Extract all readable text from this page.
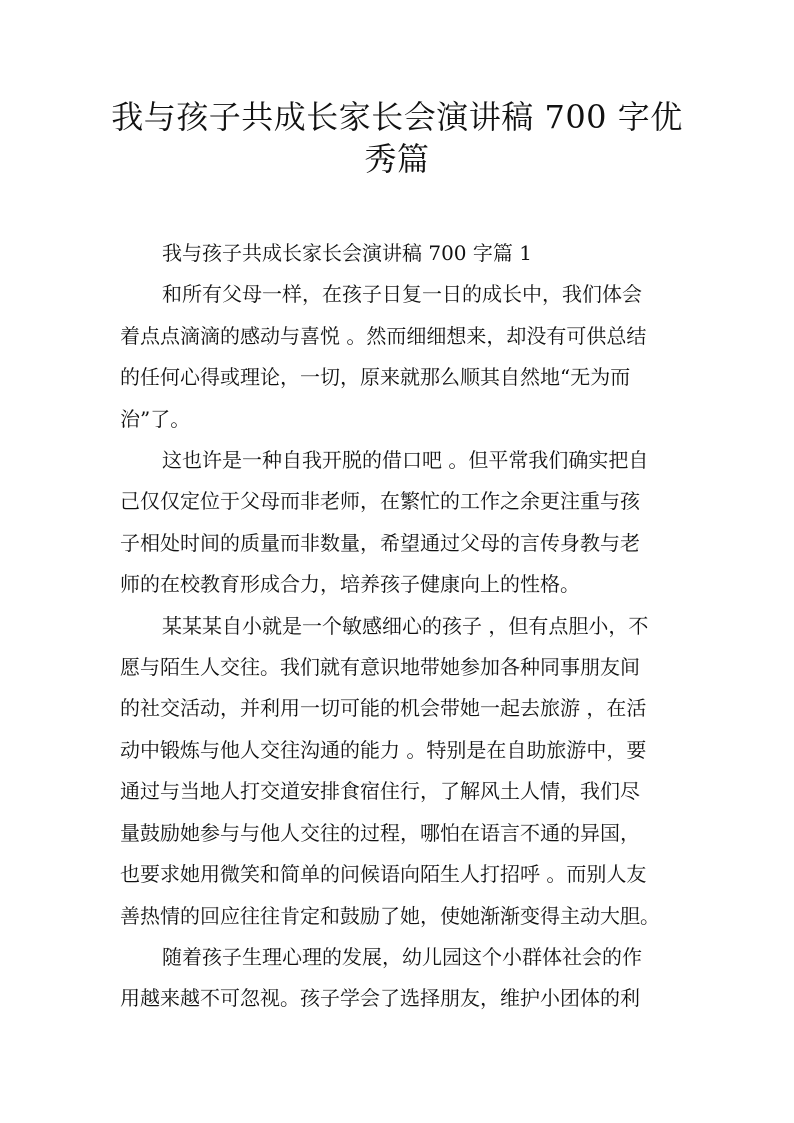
我与孩子共成长家长会演讲稿 700 字优
秀篇

我与孩子共成长家长会演讲稿 700 字篇 1

和所有父母一样，在孩子日复一日的成长中，我们体会
着点点滴滴的感动与喜悦 。然而细细想来，却没有可供总结
的任何心得或理论，一切，原来就那么顺其自然地“无为而
治”了。
这也许是一种自我开脱的借口吧 。但平常我们确实把自
己仅仅定位于父母而非老师，在繁忙的工作之余更注重与孩
子相处时间的质量而非数量，希望通过父母的言传身教与老
师的在校教育形成合力，培养孩子健康向上的性格。
某某某自小就是一个敏感细心的孩子 ，但有点胆小，不
愿与陌生人交往。我们就有意识地带她参加各种同事朋友间
的社交活动，并利用一切可能的机会带她一起去旅游 ，在活
动中锻炼与他人交往沟通的能力 。特别是在自助旅游中，要
通过与当地人打交道安排食宿住行，了解风土人情，我们尽
量鼓励她参与与他人交往的过程，哪怕在语言不通的异国，
也要求她用微笑和简单的问候语向陌生人打招呼 。而别人友
善热情的回应往往肯定和鼓励了她，使她渐渐变得主动大胆。
随着孩子生理心理的发展，幼儿园这个小群体社会的作
用越来越不可忽视。孩子学会了选择朋友，维护小团体的利
